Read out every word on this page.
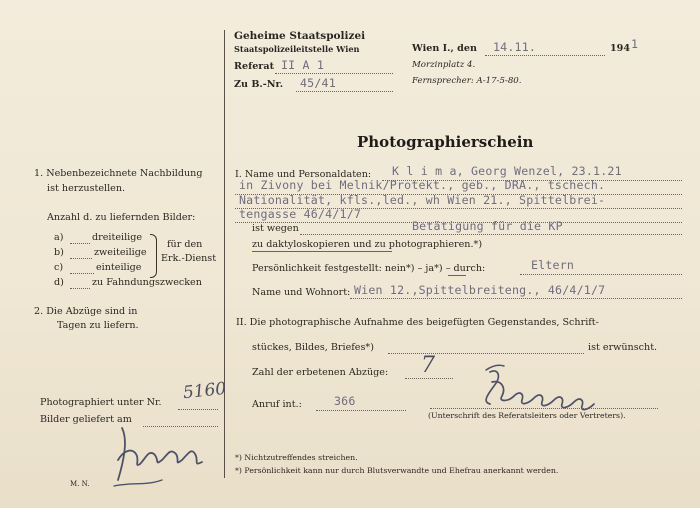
Geheime Staatspolizei
Staatspolizeileitstelle Wien
Referat II A 1
Zu B.-Nr. 45/41
Wien I., den 14.11.	194 1
Morzinplatz 4.
Fernsprecher: A-17-5-80.
Photographierschein
1. Nebenbezeichnete Nachbildung
ist herzustellen.
Anzahl d. zu liefernden Bilder:
a)	dreiteilige
b)	zweiteilige
c)	einteilige
für den
Erk.-Dienst
d)	zu Fahndungszwecken
2. Die Abzüge sind in
Tagen zu liefern.
Photographiert unter Nr. 5160
Bilder geliefert am
M. N.
I. Name und Personaldaten: K l i m a, Georg Wenzel, 23.1.21
in Zivony bei Melnik/Protekt., geb., DRA., tschech.
Nationalität, kfls.,led., wh Wien 21., Spittelbrei-
tengasse 46/4/1/7
ist wegen	Betätigung für die KP
zu daktyloskopieren und zu photographieren.*)
Persönlichkeit festgestellt: nein*) – ja*) – durch:	Eltern
Name und Wohnort: Wien 12.,Spittelbreiteng., 46/4/1/7
II. Die photographische Aufnahme des beigefügten Gegenstandes, Schrift-
stückes, Bildes, Briefes*)	ist erwünscht.
Zahl der erbetenen Abzüge: 7
Anruf int.:	366
(Unterschrift des Referatsleiters oder Vertreters).
*) Nichtzutreffendes streichen.
*) Persönlichkeit kann nur durch Blutsverwandte und Ehefrau anerkannt werden.
